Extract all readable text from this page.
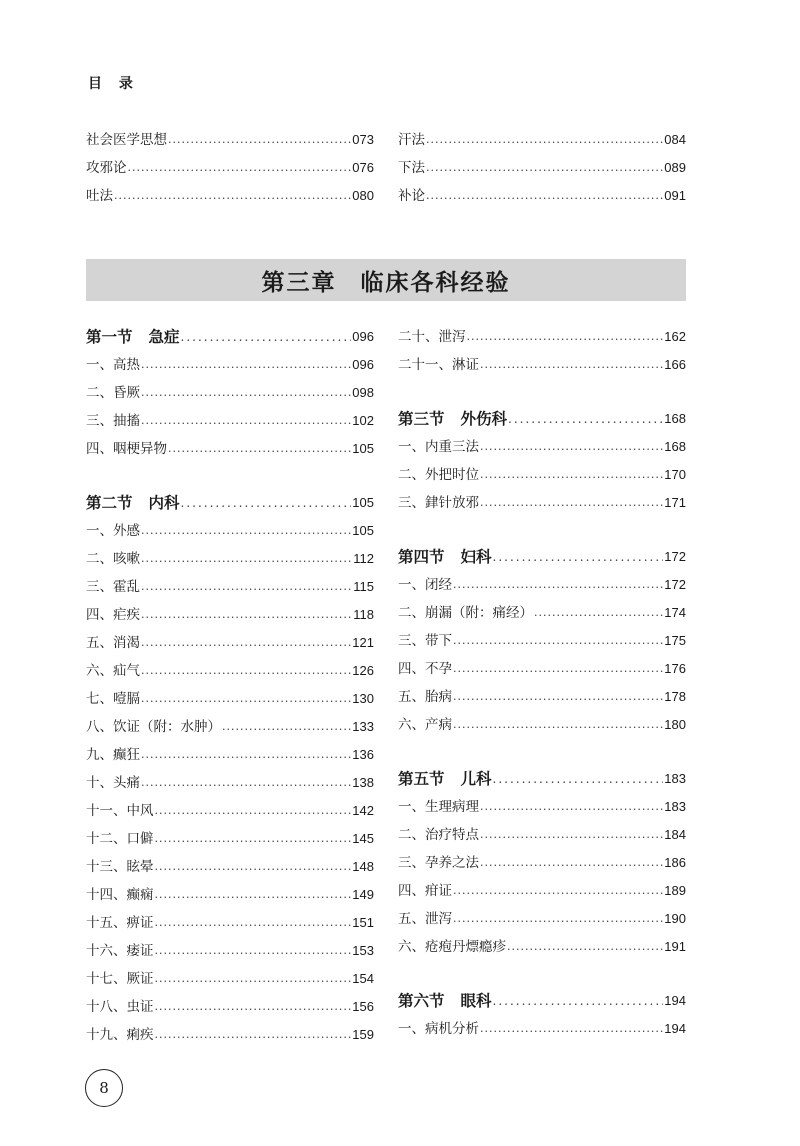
目 录
社会医学思想 .....	073
攻邪论 .....	076
吐法 .....	080
汗法 .....	084
下法 .....	089
补论 .....	091
第三章 临床各科经验
第一节 急症 .....	096
一、高热 .....	096
二、昏厥 .....	098
三、抽搐 .....	102
四、咽梗异物 .....	105
第二节 内科 .....	105
一、外感 .....	105
二、咳嗽 .....	112
三、霍乱 .....	115
四、疟疾 .....	118
五、消渴 .....	121
六、疝气 .....	126
七、噎膈 .....	130
八、饮证（附：水肿） .....	133
九、癫狂 .....	136
十、头痛 .....	138
十一、中风 .....	142
十二、口僻 .....	145
十三、眩晕 .....	148
十四、癫痫 .....	149
十五、痹证 .....	151
十六、痿证 .....	153
十七、厥证 .....	154
十八、虫证 .....	156
十九、痢疾 .....	159
二十、泄泻 .....	162
二十一、淋证 .....	166
第三节 外伤科 .....	168
一、内重三法 .....	168
二、外把时位 .....	170
三、銉针放邪 .....	171
第四节 妇科 .....	172
一、闭经 .....	172
二、崩漏（附：痛经） .....	174
三、带下 .....	175
四、不孕 .....	176
五、胎病 .....	178
六、产病 .....	180
第五节 儿科 .....	183
一、生理病理 .....	183
二、治疗特点 .....	184
三、孕养之法 .....	186
四、疳证 .....	189
五、泄泻 .....	190
六、疮疱丹熛瘾疹 .....	191
第六节 眼科 .....	194
一、病机分析 .....	194
8
